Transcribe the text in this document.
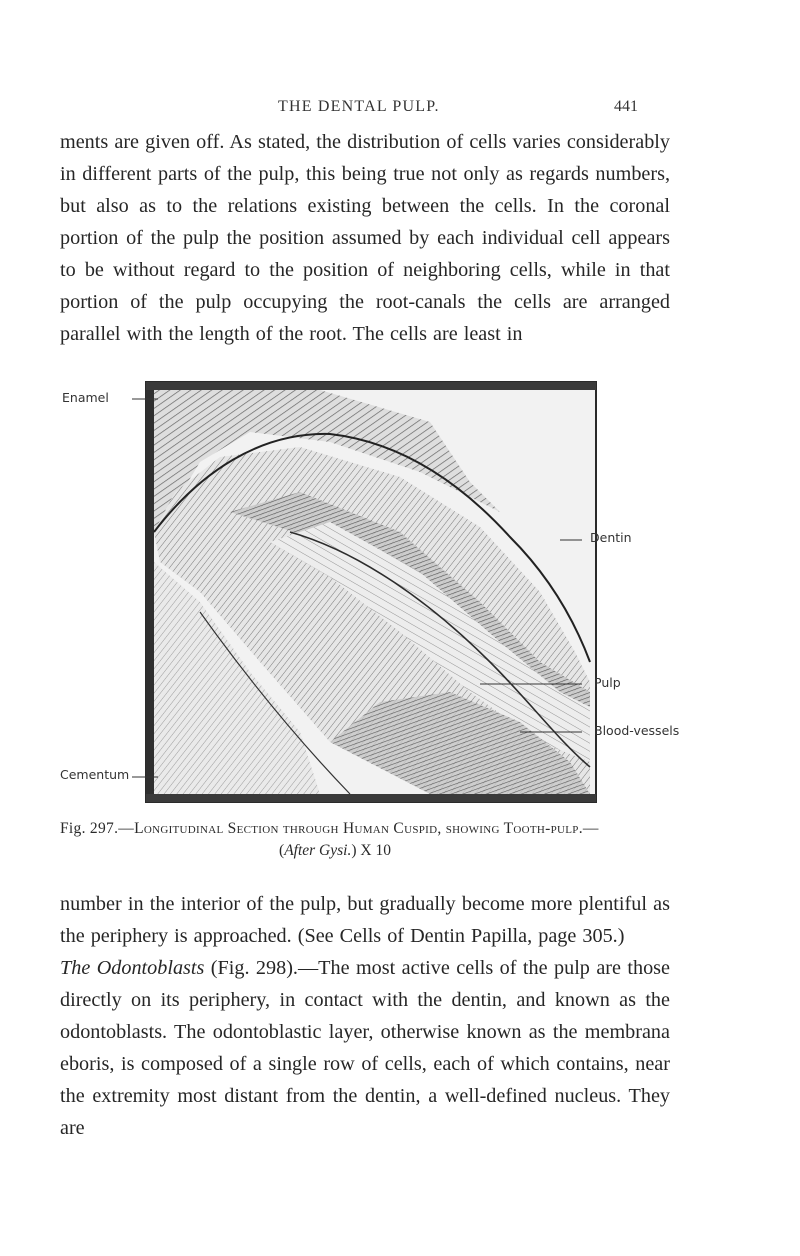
THE DENTAL PULP.	441

ments are given off. As stated, the distribution of cells varies considerably in different parts of the pulp, this being true not only as regards numbers, but also as to the relations existing between the cells. In the coronal portion of the pulp the position assumed by each individual cell appears to be without regard to the position of neighboring cells, while in that portion of the pulp occupying the root-canals the cells are arranged parallel with the length of the root. The cells are least in

Enamel
Dentin
Pulp
Blood-vessels
Cementum
Fig. 297.—Longitudinal Section through Human Cuspid, showing Tooth-pulp.—
(After Gysi.) X 10

number in the interior of the pulp, but gradually become more plentiful as the periphery is approached. (See Cells of Dentin Papilla, page 305.)

The Odontoblasts (Fig. 298).—The most active cells of the pulp are those directly on its periphery, in contact with the dentin, and known as the odontoblasts. The odontoblastic layer, otherwise known as the membrana eboris, is composed of a single row of cells, each of which contains, near the extremity most distant from the dentin, a well-defined nucleus. They are
